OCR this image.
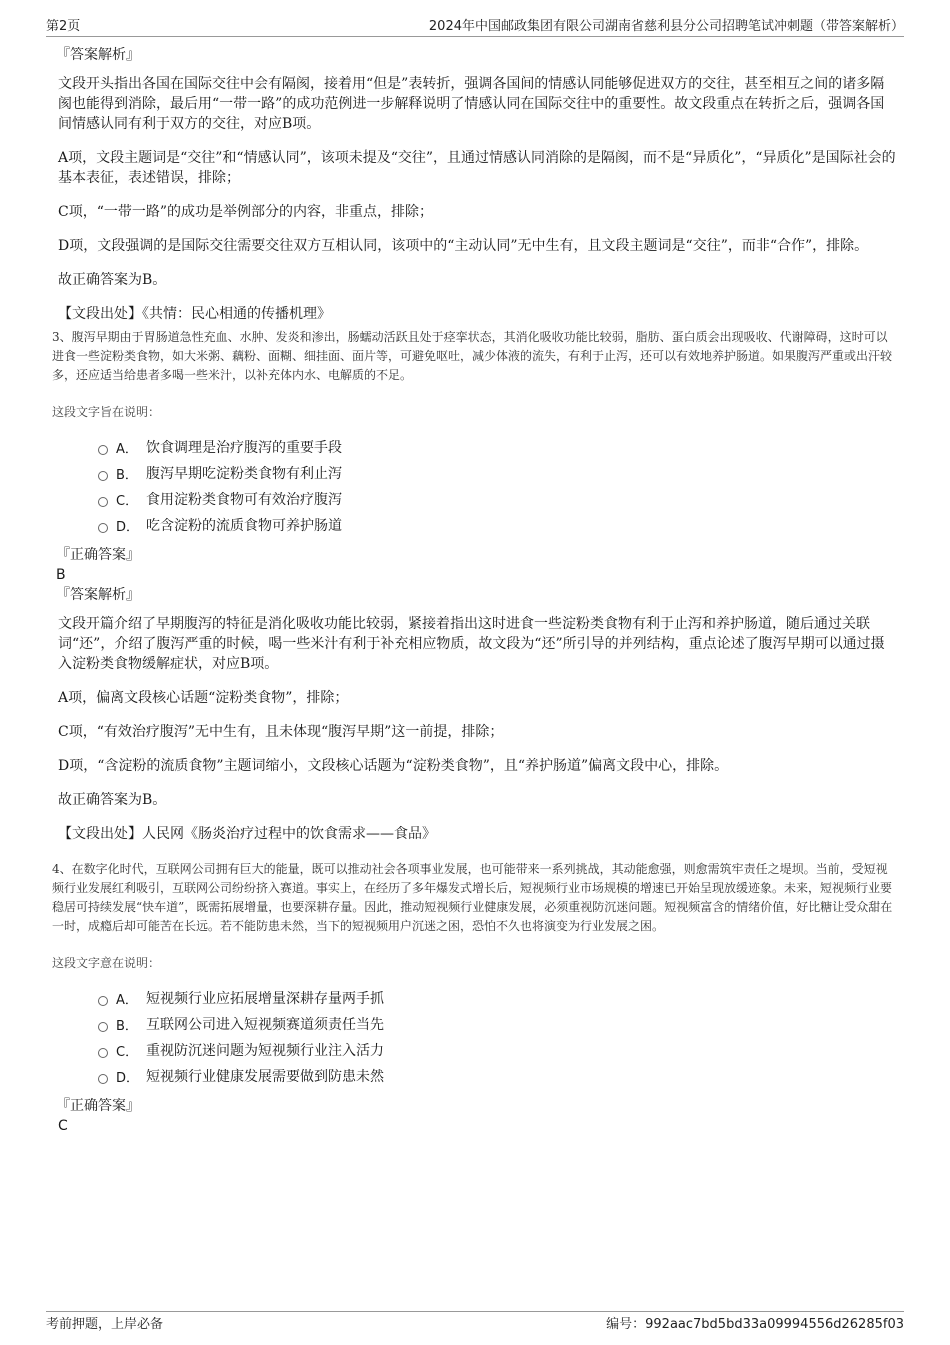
第2页	2024年中国邮政集团有限公司湖南省慈利县分公司招聘笔试冲刺题（带答案解析）
『答案解析』

文段开头指出各国在国际交往中会有隔阂，接着用“但是”表转折，强调各国间的情感认同能够促进双方的交往，甚至相互之间的诸多隔阂也能得到消除，最后用“一带一路”的成功范例进一步解释说明了情感认同在国际交往中的重要性。故文段重点在转折之后，强调各国间情感认同有利于双方的交往，对应B项。

A项，文段主题词是“交往”和“情感认同”，该项未提及“交往”，且通过情感认同消除的是隔阂，而不是“异质化”，“异质化”是国际社会的基本表征，表述错误，排除；

C项，“一带一路”的成功是举例部分的内容，非重点，排除；

D项，文段强调的是国际交往需要交往双方互相认同，该项中的“主动认同”无中生有，且文段主题词是“交往”，而非“合作”，排除。

故正确答案为B。

【文段出处】《共情：民心相通的传播机理》
3、腹泻早期由于胃肠道急性充血、水肿、发炎和渗出，肠蠕动活跃且处于痉挛状态，其消化吸收功能比较弱，脂肪、蛋白质会出现吸收、代谢障碍，这时可以进食一些淀粉类食物，如大米粥、藕粉、面糊、细挂面、面片等，可避免呕吐，减少体液的流失，有利于止泻，还可以有效地养护肠道。如果腹泻严重或出汗较多，还应适当给患者多喝一些米汁，以补充体内水、电解质的不足。
这段文字旨在说明：
A． 饮食调理是治疗腹泻的重要手段
B． 腹泻早期吃淀粉类食物有利止泻
C． 食用淀粉类食物可有效治疗腹泻
D． 吃含淀粉的流质食物可养护肠道
『正确答案』
B
『答案解析』

文段开篇介绍了早期腹泻的特征是消化吸收功能比较弱，紧接着指出这时进食一些淀粉类食物有利于止泻和养护肠道，随后通过关联词“还”，介绍了腹泻严重的时候，喝一些米汁有利于补充相应物质，故文段为“还”所引导的并列结构，重点论述了腹泻早期可以通过摄入淀粉类食物缓解症状，对应B项。

A项，偏离文段核心话题“淀粉类食物”，排除；

C项，“有效治疗腹泻”无中生有，且未体现“腹泻早期”这一前提，排除；

D项，“含淀粉的流质食物”主题词缩小，文段核心话题为“淀粉类食物”，且“养护肠道”偏离文段中心，排除。

故正确答案为B。

【文段出处】人民网《肠炎治疗过程中的饮食需求——食品》
4、在数字化时代，互联网公司拥有巨大的能量，既可以推动社会各项事业发展，也可能带来一系列挑战，其动能愈强，则愈需筑牢责任之堤坝。当前，受短视频行业发展红利吸引，互联网公司纷纷挤入赛道。事实上，在经历了多年爆发式增长后，短视频行业市场规模的增速已开始呈现放缓迹象。未来，短视频行业要稳居可持续发展“快车道”，既需拓展增量，也要深耕存量。因此，推动短视频行业健康发展，必须重视防沉迷问题。短视频富含的情绪价值，好比糖让受众甜在一时，成瘾后却可能苦在长远。若不能防患未然，当下的短视频用户沉迷之困，恐怕不久也将演变为行业发展之困。
这段文字意在说明：
A． 短视频行业应拓展增量深耕存量两手抓
B． 互联网公司进入短视频赛道须责任当先
C． 重视防沉迷问题为短视频行业注入活力
D． 短视频行业健康发展需要做到防患未然
『正确答案』
C
考前押题，上岸必备	编号：992aac7bd5bd33a09994556d26285f03
